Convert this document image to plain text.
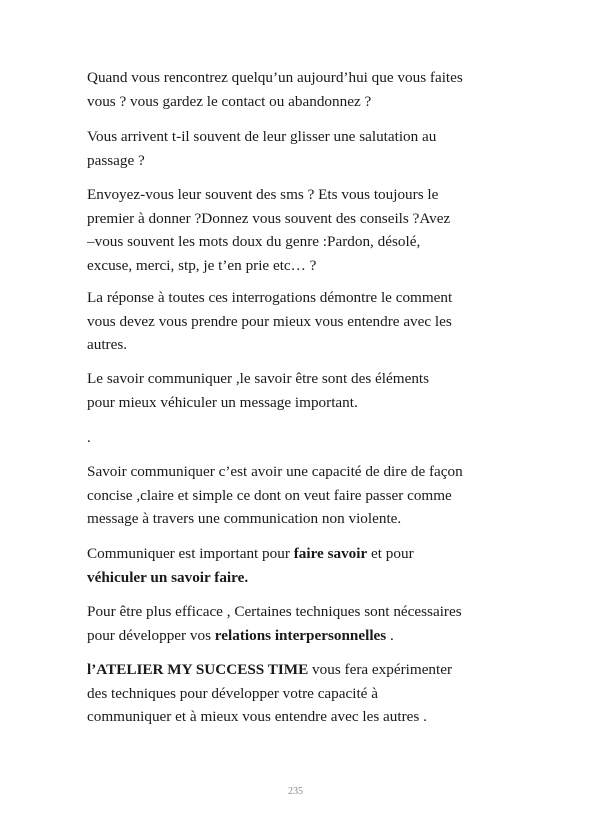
Quand vous rencontrez quelqu’un aujourd’hui que vous faites
vous ? vous gardez le contact ou abandonnez ?
Vous arrivent t-il souvent de leur glisser une salutation au
passage ?
Envoyez-vous leur souvent des sms ? Ets vous toujours le
premier à donner ?Donnez vous souvent des conseils ?Avez
–vous souvent les mots doux du genre :Pardon, désolé,
excuse, merci, stp, je t’en prie etc… ?
La réponse à toutes ces interrogations démontre le comment
vous devez vous prendre pour mieux vous entendre avec les
autres.
Le savoir communiquer ,le savoir être sont des éléments
pour mieux véhiculer un message important.
.
Savoir communiquer c’est avoir une capacité de dire de façon
concise ,claire et simple ce dont on veut faire passer comme
message à travers une communication non violente.
Communiquer est important pour faire savoir et pour
véhiculer un savoir faire.
Pour être plus efficace , Certaines techniques sont nécessaires
pour développer vos relations interpersonnelles .
l’ATELIER MY SUCCESS TIME vous fera expérimenter
des techniques pour développer votre capacité à
communiquer et à mieux vous entendre avec les autres .
235
